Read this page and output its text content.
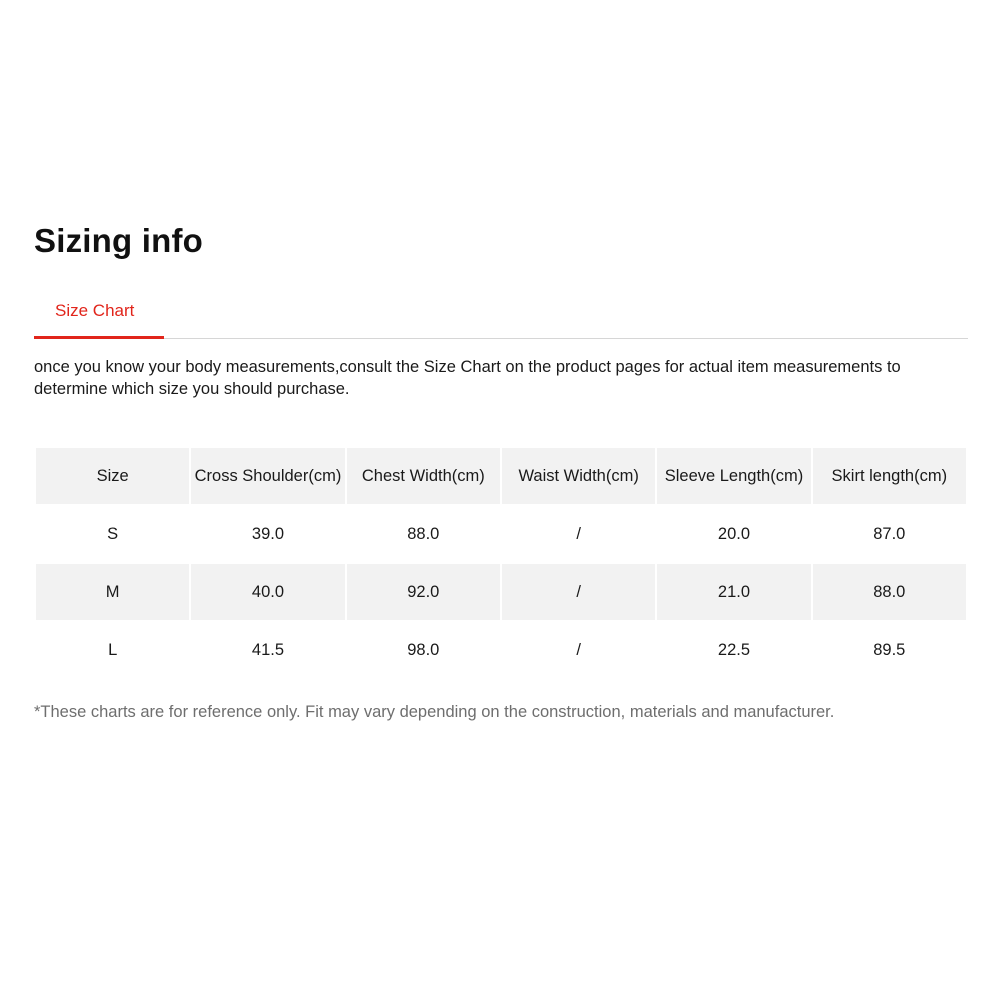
Sizing info
Size Chart

once you know your body measurements,consult the Size Chart on the product pages for actual item measurements to determine which size you should purchase.

Size	Cross Shoulder(cm)	Chest Width(cm)	Waist Width(cm)	Sleeve Length(cm)	Skirt length(cm)
S	39.0	88.0	/	20.0	87.0
M	40.0	92.0	/	21.0	88.0
L	41.5	98.0	/	22.5	89.5

*These charts are for reference only. Fit may vary depending on the construction, materials and manufacturer.
